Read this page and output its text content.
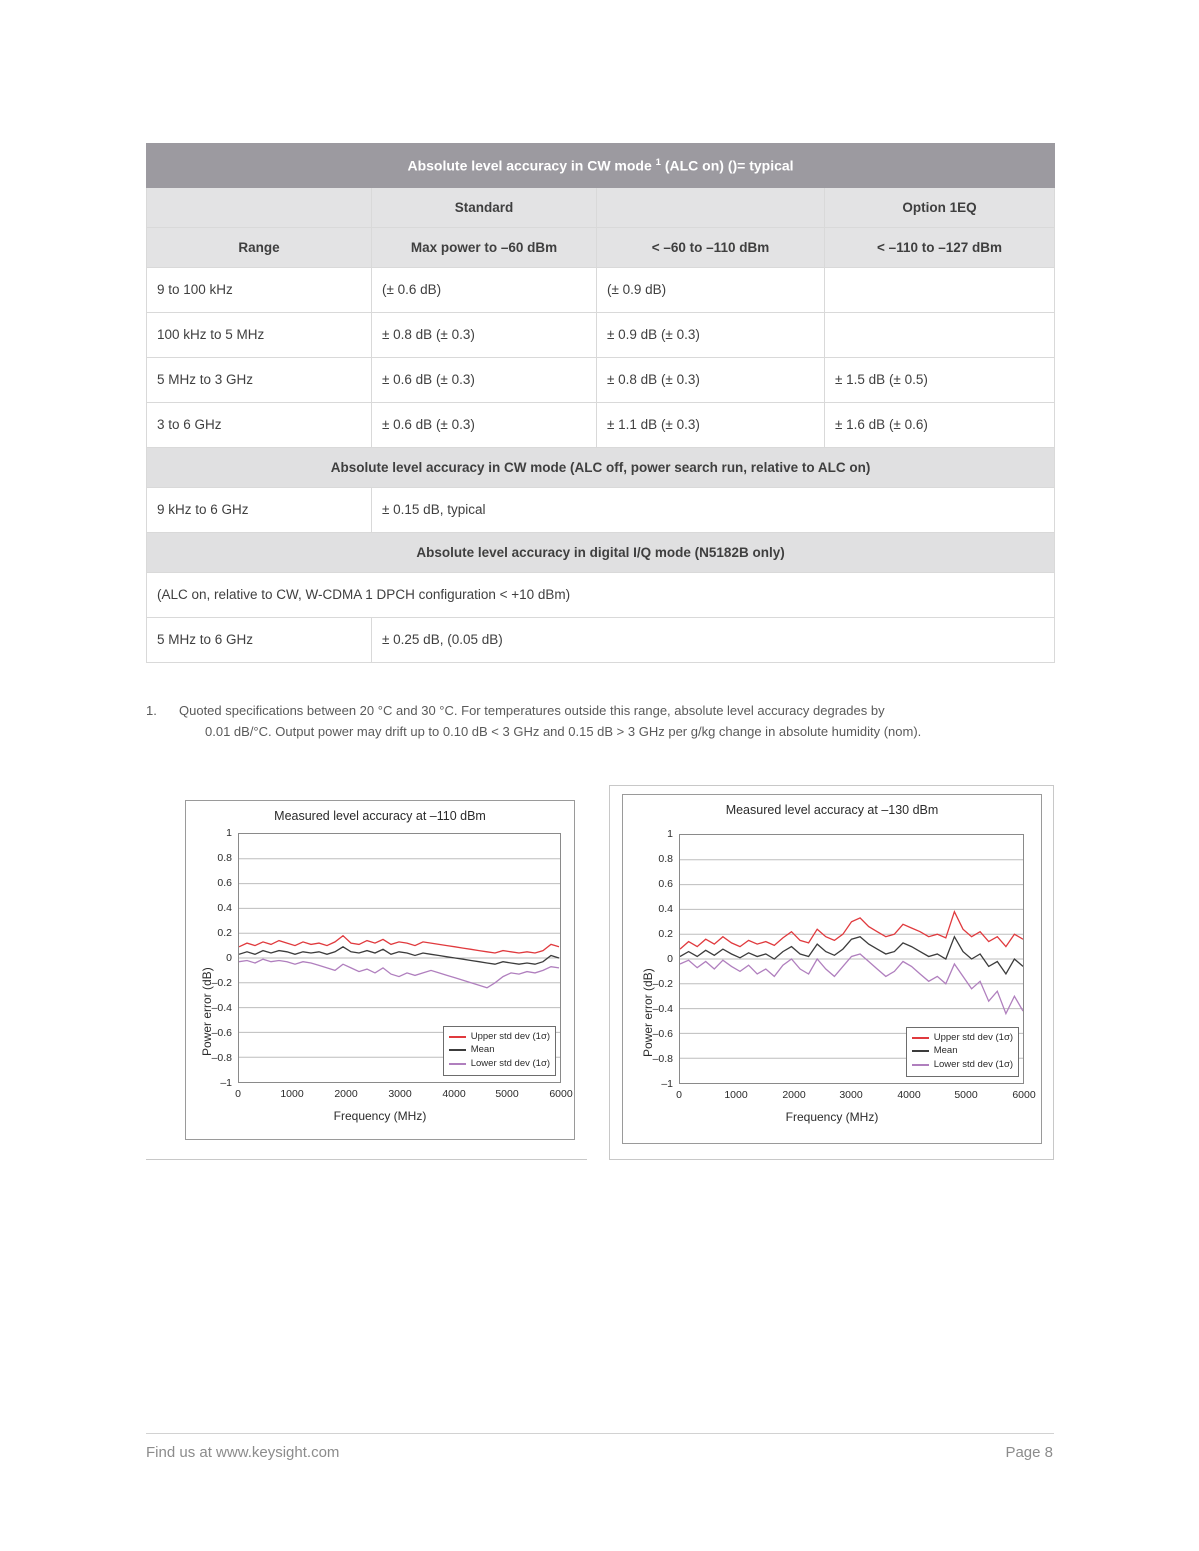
Absolute level accuracy in CW mode $^1$ (ALC on) ()= typical			
	Standard		Option 1EQ
Range	Max power to –60 dBm	< –60 to –110 dBm	< –110 to –127 dBm
9 to 100 kHz	(± 0.6 dB)	(± 0.9 dB)	
100 kHz to 5 MHz	± 0.8 dB (± 0.3)	± 0.9 dB (± 0.3)	
5 MHz to 3 GHz	± 0.6 dB (± 0.3)	± 0.8 dB (± 0.3)	± 1.5 dB (± 0.5)
3 to 6 GHz	± 0.6 dB (± 0.3)	± 1.1 dB (± 0.3)	± 1.6 dB (± 0.6)
Absolute level accuracy in CW mode (ALC off, power search run, relative to ALC on)			
9 kHz to 6 GHz	± 0.15 dB, typical		
Absolute level accuracy in digital I/Q mode (N5182B only)			
(ALC on, relative to CW, W-CDMA 1 DPCH configuration < +10 dBm)			
5 MHz to 6 GHz	± 0.25 dB, (0.05 dB)		
1. Quoted specifications between 20 °C and 30 °C. For temperatures outside this range, absolute level accuracy degrades by
0.01 dB/°C. Output power may drift up to 0.10 dB < 3 GHz and 0.15 dB > 3 GHz per g/kg change in absolute humidity (nom).
Measured level accuracy at –110 dBm
Power error (dB)
1
0.8
0.6
0.4
0.2
0
–0.2
–0.4
–0.6
–0.8
–1
Upper std dev (1σ)
Mean
Lower std dev (1σ)
0	1000	2000	3000	4000	5000	6000
Frequency (MHz)
Measured level accuracy at –130 dBm
Power error (dB)
1
0.8
0.6
0.4
0.2
0
–0.2
–0.4
–0.6
–0.8
–1
Upper std dev (1σ)
Mean
Lower std dev (1σ)
0	1000	2000	3000	4000	5000	6000
Frequency (MHz)
Find us at www.keysight.com	Page 8
